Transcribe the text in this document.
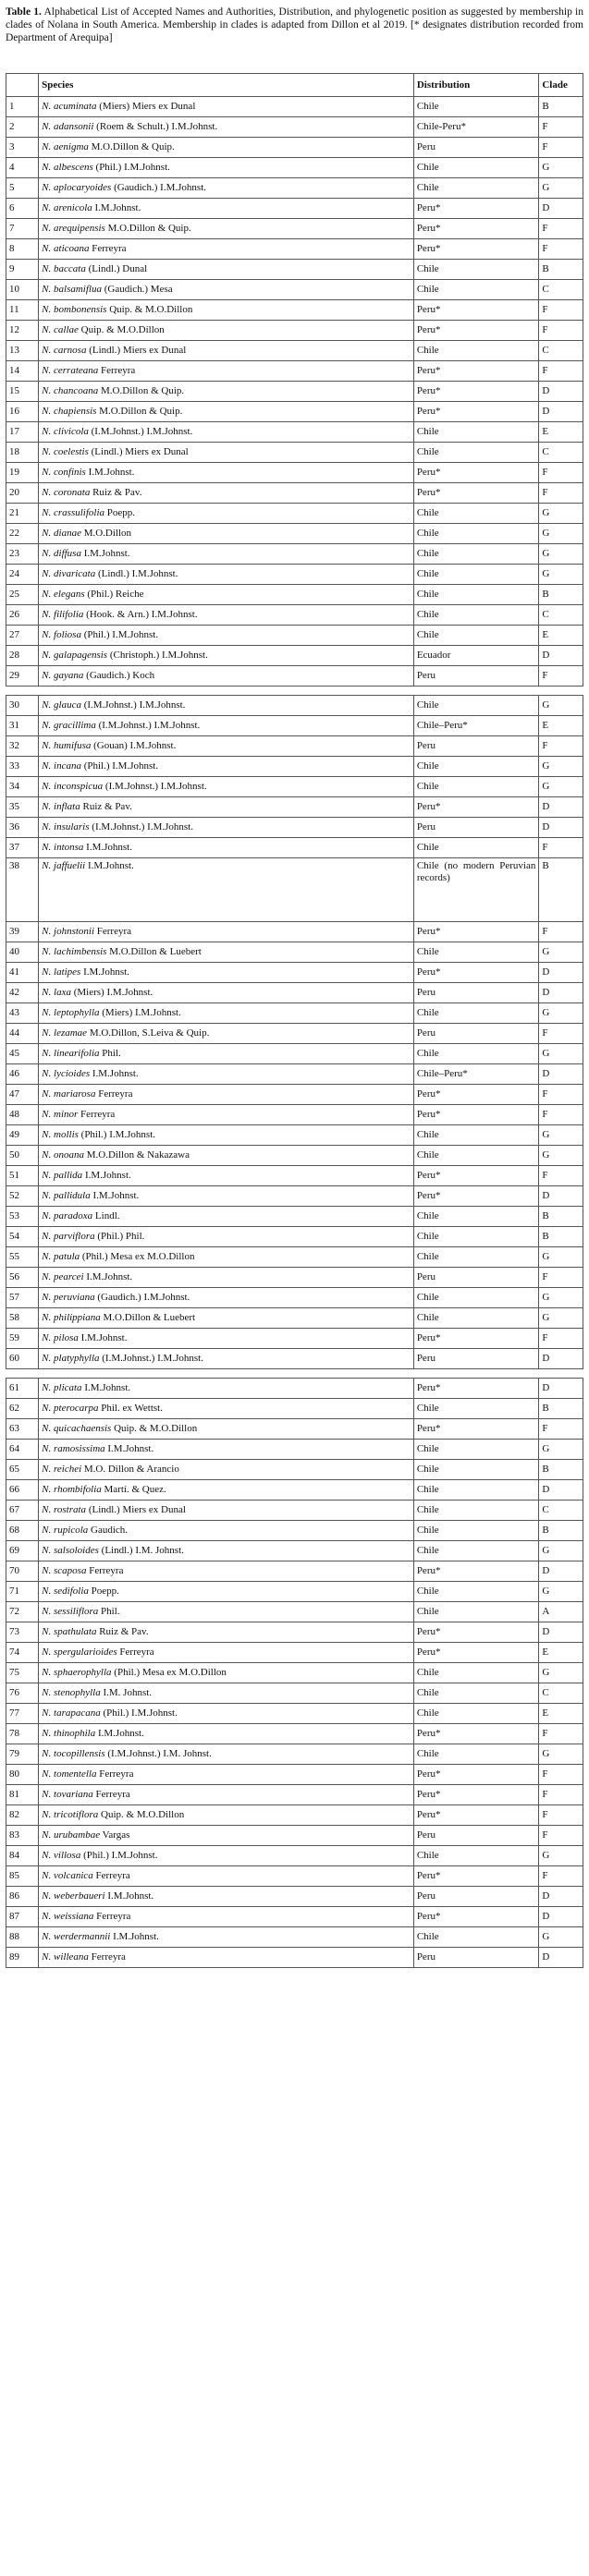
Table 1. Alphabetical List of Accepted Names and Authorities, Distribution, and phylogenetic position as suggested by membership in clades of Nolana in South America. Membership in clades is adapted from Dillon et al 2019. [* designates distribution recorded from Department of Arequipa]
	Species	Distribution	Clade
1	N. acuminata (Miers) Miers ex Dunal	Chile	B
2	N. adansonii (Roem & Schult.) I.M.Johnst.	Chile-Peru*	F
3	N. aenigma M.O.Dillon & Quip.	Peru	F
4	N. albescens (Phil.) I.M.Johnst.	Chile	G
5	N. aplocaryoides (Gaudich.) I.M.Johnst.	Chile	G
6	N. arenicola I.M.Johnst.	Peru*	D
7	N. arequipensis M.O.Dillon & Quip.	Peru*	F
8	N. aticoana Ferreyra	Peru*	F
9	N. baccata (Lindl.) Dunal	Chile	B
10	N. balsamiflua (Gaudich.) Mesa	Chile	C
11	N. bombonensis Quip. & M.O.Dillon	Peru*	F
12	N. callae Quip. & M.O.Dillon	Peru*	F
13	N. carnosa (Lindl.) Miers ex Dunal	Chile	C
14	N. cerrateana Ferreyra	Peru*	F
15	N. chancoana M.O.Dillon & Quip.	Peru*	D
16	N. chapiensis M.O.Dillon & Quip.	Peru*	D
17	N. clivicola (I.M.Johnst.) I.M.Johnst.	Chile	E
18	N. coelestis (Lindl.) Miers ex Dunal	Chile	C
19	N. confinis I.M.Johnst.	Peru*	F
20	N. coronata Ruiz & Pav.	Peru*	F
21	N. crassulifolia Poepp.	Chile	G
22	N. dianae M.O.Dillon	Chile	G
23	N. diffusa I.M.Johnst.	Chile	G
24	N. divaricata (Lindl.) I.M.Johnst.	Chile	G
25	N. elegans (Phil.) Reiche	Chile	B
26	N. filifolia (Hook. & Arn.) I.M.Johnst.	Chile	C
27	N. foliosa (Phil.) I.M.Johnst.	Chile	E
28	N. galapagensis (Christoph.) I.M.Johnst.	Ecuador	D
29	N. gayana (Gaudich.) Koch	Peru	F
30	N. glauca (I.M.Johnst.) I.M.Johnst.	Chile	G
31	N. gracillima (I.M.Johnst.) I.M.Johnst.	Chile–Peru*	E
32	N. humifusa (Gouan) I.M.Johnst.	Peru	F
33	N. incana (Phil.) I.M.Johnst.	Chile	G
34	N. inconspicua (I.M.Johnst.) I.M.Johnst.	Chile	G
35	N. inflata Ruiz & Pav.	Peru*	D
36	N. insularis (I.M.Johnst.) I.M.Johnst.	Peru	D
37	N. intonsa I.M.Johnst.	Chile	F
38	N. jaffuelii I.M.Johnst.	Chile (no modern Peruvian records)	B
39	N. johnstonii Ferreyra	Peru*	F
40	N. lachimbensis M.O.Dillon & Luebert	Chile	G
41	N. latipes I.M.Johnst.	Peru*	D
42	N. laxa (Miers) I.M.Johnst.	Peru	D
43	N. leptophylla (Miers) I.M.Johnst.	Chile	G
44	N. lezamae M.O.Dillon, S.Leiva & Quip.	Peru	F
45	N. linearifolia Phil.	Chile	G
46	N. lycioides I.M.Johnst.	Chile–Peru*	D
47	N. mariarosa Ferreyra	Peru*	F
48	N. minor Ferreyra	Peru*	F
49	N. mollis (Phil.) I.M.Johnst.	Chile	G
50	N. onoana M.O.Dillon & Nakazawa	Chile	G
51	N. pallida I.M.Johnst.	Peru*	F
52	N. pallidula I.M.Johnst.	Peru*	D
53	N. paradoxa Lindl.	Chile	B
54	N. parviflora (Phil.) Phil.	Chile	B
55	N. patula (Phil.) Mesa ex M.O.Dillon	Chile	G
56	N. pearcei I.M.Johnst.	Peru	F
57	N. peruviana (Gaudich.) I.M.Johnst.	Chile	G
58	N. philippiana M.O.Dillon & Luebert	Chile	G
59	N. pilosa I.M.Johnst.	Peru*	F
60	N. platyphylla (I.M.Johnst.) I.M.Johnst.	Peru	D
61	N. plicata I.M.Johnst.	Peru*	D
62	N. pterocarpa Phil. ex Wettst.	Chile	B
63	N. quicachaensis Quip. & M.O.Dillon	Peru*	F
64	N. ramosissima I.M.Johnst.	Chile	G
65	N. reichei M.O. Dillon & Arancio	Chile	B
66	N. rhombifolia Martí. & Quez.	Chile	D
67	N. rostrata (Lindl.) Miers ex Dunal	Chile	C
68	N. rupicola Gaudich.	Chile	B
69	N. salsoloides (Lindl.) I.M. Johnst.	Chile	G
70	N. scaposa Ferreyra	Peru*	D
71	N. sedifolia Poepp.	Chile	G
72	N. sessiliflora Phil.	Chile	A
73	N. spathulata Ruiz & Pav.	Peru*	D
74	N. spergularioides Ferreyra	Peru*	E
75	N. sphaerophylla (Phil.) Mesa ex M.O.Dillon	Chile	G
76	N. stenophylla I.M. Johnst.	Chile	C
77	N. tarapacana (Phil.) I.M.Johnst.	Chile	E
78	N. thinophila I.M.Johnst.	Peru*	F
79	N. tocopillensis (I.M.Johnst.) I.M. Johnst.	Chile	G
80	N. tomentella Ferreyra	Peru*	F
81	N. tovariana Ferreyra	Peru*	F
82	N. tricotiflora Quip. & M.O.Dillon	Peru*	F
83	N. urubambae Vargas	Peru	F
84	N. villosa (Phil.) I.M.Johnst.	Chile	G
85	N. volcanica Ferreyra	Peru*	F
86	N. weberbaueri I.M.Johnst.	Peru	D
87	N. weissiana Ferreyra	Peru*	D
88	N. werdermannii I.M.Johnst.	Chile	G
89	N. willeana Ferreyra	Peru	D
